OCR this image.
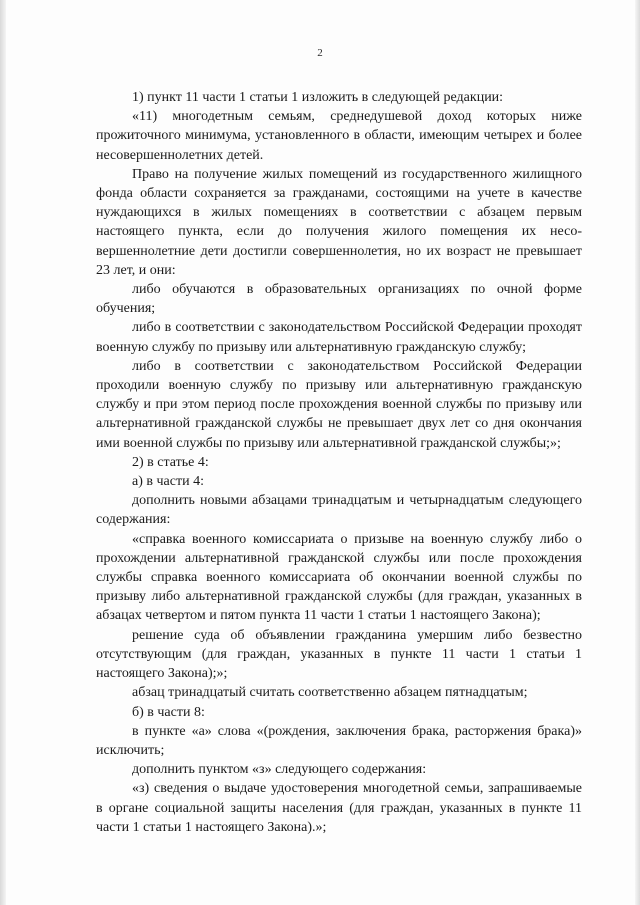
2

1) пункт 11 части 1 статьи 1 изложить в следующей редакции:

«11) многодетным семьям, среднедушевой доход которых ниже прожиточного минимума, установленного в области, имеющим четырех и более несовершеннолетних детей.

Право на получение жилых помещений из государственного жилищного фонда области сохраняется за гражданами, состоящими на учете в качестве нуждающихся в жилых помещениях в соответствии с абзацем первым настоящего пункта, если до получения жилого помещения их несовершеннолетние дети достигли совершеннолетия, но их возраст не превышает 23 лет, и они:

либо обучаются в образовательных организациях по очной форме обучения;

либо в соответствии с законодательством Российской Федерации проходят военную службу по призыву или альтернативную гражданскую службу;

либо в соответствии с законодательством Российской Федерации проходили военную службу по призыву или альтернативную гражданскую службу и при этом период после прохождения военной службы по призыву или альтернативной гражданской службы не превышает двух лет со дня окончания ими военной службы по призыву или альтернативной гражданской службы;»;

2) в статье 4:

а) в части 4:

дополнить новыми абзацами тринадцатым и четырнадцатым следующего содержания:

«справка военного комиссариата о призыве на военную службу либо о прохождении альтернативной гражданской службы или после прохождения службы справка военного комиссариата об окончании военной службы по призыву либо альтернативной гражданской службы (для граждан, указанных в абзацах четвертом и пятом пункта 11 части 1 статьи 1 настоящего Закона);

решение суда об объявлении гражданина умершим либо безвестно отсутствующим (для граждан, указанных в пункте 11 части 1 статьи 1 настоящего Закона);»;

абзац тринадцатый считать соответственно абзацем пятнадцатым;

б) в части 8:

в пункте «а» слова «(рождения, заключения брака, расторжения брака)» исключить;

дополнить пунктом «з» следующего содержания:

«з) сведения о выдаче удостоверения многодетной семьи, запрашиваемые в органе социальной защиты населения (для граждан, указанных в пункте 11 части 1 статьи 1 настоящего Закона).»;
